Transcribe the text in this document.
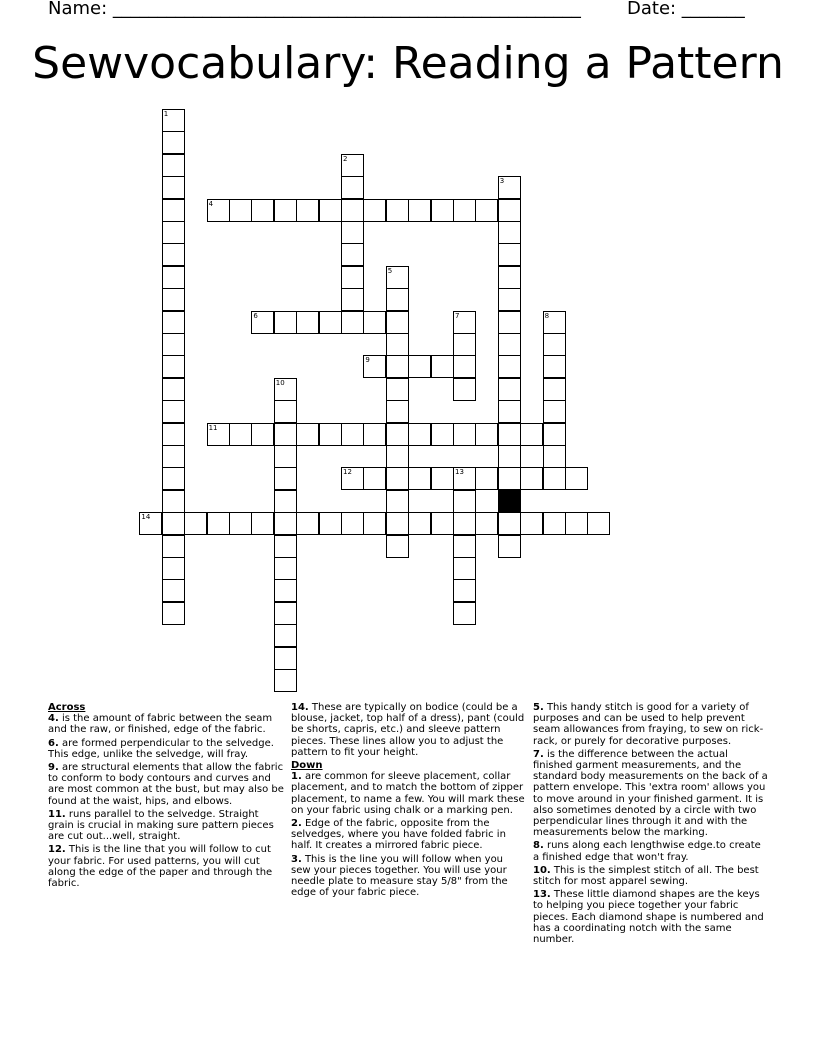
Name: ____________________________________________________	Date: _______
Sewvocabulary: Reading a Pattern
1
2
3
4
5
6	7	8
9
10
11
12	13
14

Across

4. is the amount of fabric between the seam and the raw, or finished, edge of the fabric.

6. are formed perpendicular to the selvedge. This edge, unlike the selvedge, will fray.

9. are structural elements that allow the fabric to conform to body contours and curves and are most common at the bust, but may also be found at the waist, hips, and elbows.

11. runs parallel to the selvedge. Straight grain is crucial in making sure pattern pieces are cut out...well, straight.

12. This is the line that you will follow to cut your fabric. For used patterns, you will cut along the edge of the paper and through the fabric.

14. These are typically on bodice (could be a blouse, jacket, top half of a dress), pant (could be shorts, capris, etc.) and sleeve pattern pieces. These lines allow you to adjust the pattern to fit your height.

Down

1. are common for sleeve placement, collar placement, and to match the bottom of zipper placement, to name a few. You will mark these on your fabric using chalk or a marking pen.

2. Edge of the fabric, opposite from the selvedges, where you have folded fabric in half. It creates a mirrored fabric piece.

3. This is the line you will follow when you sew your pieces together. You will use your needle plate to measure stay 5/8" from the edge of your fabric piece.

5. This handy stitch is good for a variety of purposes and can be used to help prevent seam allowances from fraying, to sew on rick-rack, or purely for decorative purposes.

7. is the difference between the actual finished garment measurements, and the standard body measurements on the back of a pattern envelope. This 'extra room' allows you to move around in your finished garment. It is also sometimes denoted by a circle with two perpendicular lines through it and with the measurements below the marking.

8. runs along each lengthwise edge.to create a finished edge that won't fray.

10. This is the simplest stitch of all. The best stitch for most apparel sewing.

13. These little diamond shapes are the keys to helping you piece together your fabric pieces. Each diamond shape is numbered and has a coordinating notch with the same number.
